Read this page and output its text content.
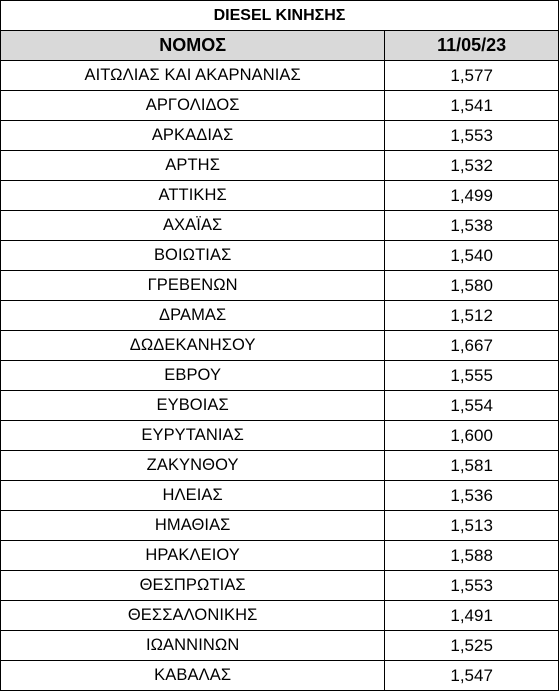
DIESEL ΚΙΝΗΣΗΣ
ΝΟΜΟΣ	11/05/23
ΑΙΤΩΛΙΑΣ ΚΑΙ ΑΚΑΡΝΑΝΙΑΣ	1,577
ΑΡΓΟΛΙΔΟΣ	1,541
ΑΡΚΑΔΙΑΣ	1,553
ΑΡΤΗΣ	1,532
ΑΤΤΙΚΗΣ	1,499
ΑΧΑΪΑΣ	1,538
ΒΟΙΩΤΙΑΣ	1,540
ΓΡΕΒΕΝΩΝ	1,580
ΔΡΑΜΑΣ	1,512
ΔΩΔΕΚΑΝΗΣΟΥ	1,667
ΕΒΡΟΥ	1,555
ΕΥΒΟΙΑΣ	1,554
ΕΥΡΥΤΑΝΙΑΣ	1,600
ΖΑΚΥΝΘΟΥ	1,581
ΗΛΕΙΑΣ	1,536
ΗΜΑΘΙΑΣ	1,513
ΗΡΑΚΛΕΙΟΥ	1,588
ΘΕΣΠΡΩΤΙΑΣ	1,553
ΘΕΣΣΑΛΟΝΙΚΗΣ	1,491
ΙΩΑΝΝΙΝΩΝ	1,525
ΚΑΒΑΛΑΣ	1,547
